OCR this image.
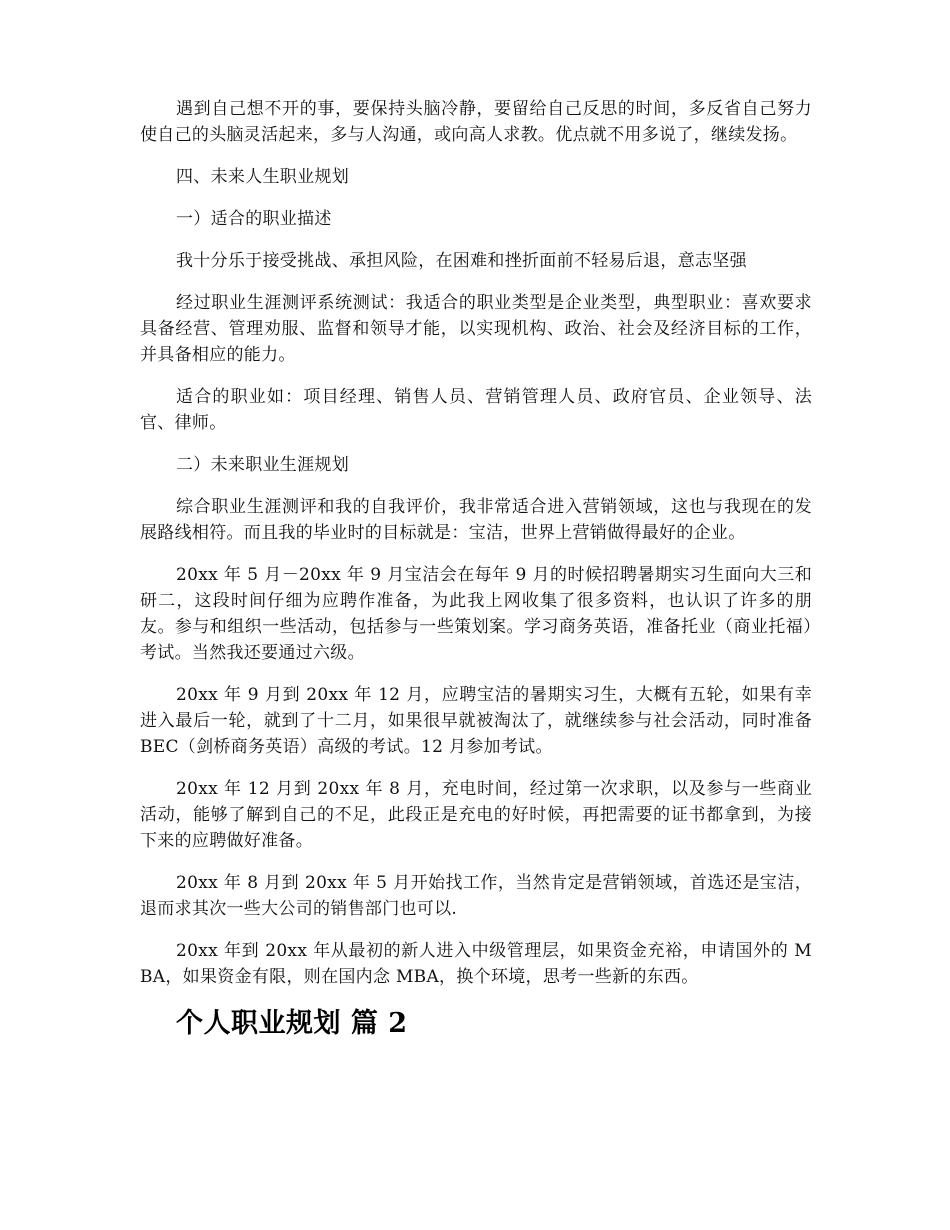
遇到自己想不开的事，要保持头脑冷静，要留给自己反思的时间，多反省自己努力使自己的头脑灵活起来，多与人沟通，或向高人求教。优点就不用多说了，继续发扬。

四、未来人生职业规划

一）适合的职业描述

我十分乐于接受挑战、承担风险，在困难和挫折面前不轻易后退，意志坚强

经过职业生涯测评系统测试：我适合的职业类型是企业类型，典型职业：喜欢要求具备经营、管理劝服、监督和领导才能，以实现机构、政治、社会及经济目标的工作，并具备相应的能力。

适合的职业如：项目经理、销售人员、营销管理人员、政府官员、企业领导、法官、律师。

二）未来职业生涯规划

综合职业生涯测评和我的自我评价，我非常适合进入营销领域，这也与我现在的发展路线相符。而且我的毕业时的目标就是：宝洁，世界上营销做得最好的企业。

20xx 年 5 月－20xx 年 9 月宝洁会在每年 9 月的时候招聘暑期实习生面向大三和研二，这段时间仔细为应聘作准备，为此我上网收集了很多资料，也认识了许多的朋友。参与和组织一些活动，包括参与一些策划案。学习商务英语，准备托业（商业托福）考试。当然我还要通过六级。

20xx 年 9 月到 20xx 年 12 月，应聘宝洁的暑期实习生，大概有五轮，如果有幸进入最后一轮，就到了十二月，如果很早就被淘汰了，就继续参与社会活动，同时准备 BEC（剑桥商务英语）高级的考试。12 月参加考试。

20xx 年 12 月到 20xx 年 8 月，充电时间，经过第一次求职，以及参与一些商业活动，能够了解到自己的不足，此段正是充电的好时候，再把需要的证书都拿到，为接下来的应聘做好准备。

20xx 年 8 月到 20xx 年 5 月开始找工作，当然肯定是营销领域，首选还是宝洁，退而求其次一些大公司的销售部门也可以.

20xx 年到 20xx 年从最初的新人进入中级管理层，如果资金充裕，申请国外的 MBA，如果资金有限，则在国内念 MBA，换个环境，思考一些新的东西。

个人职业规划 篇 2
